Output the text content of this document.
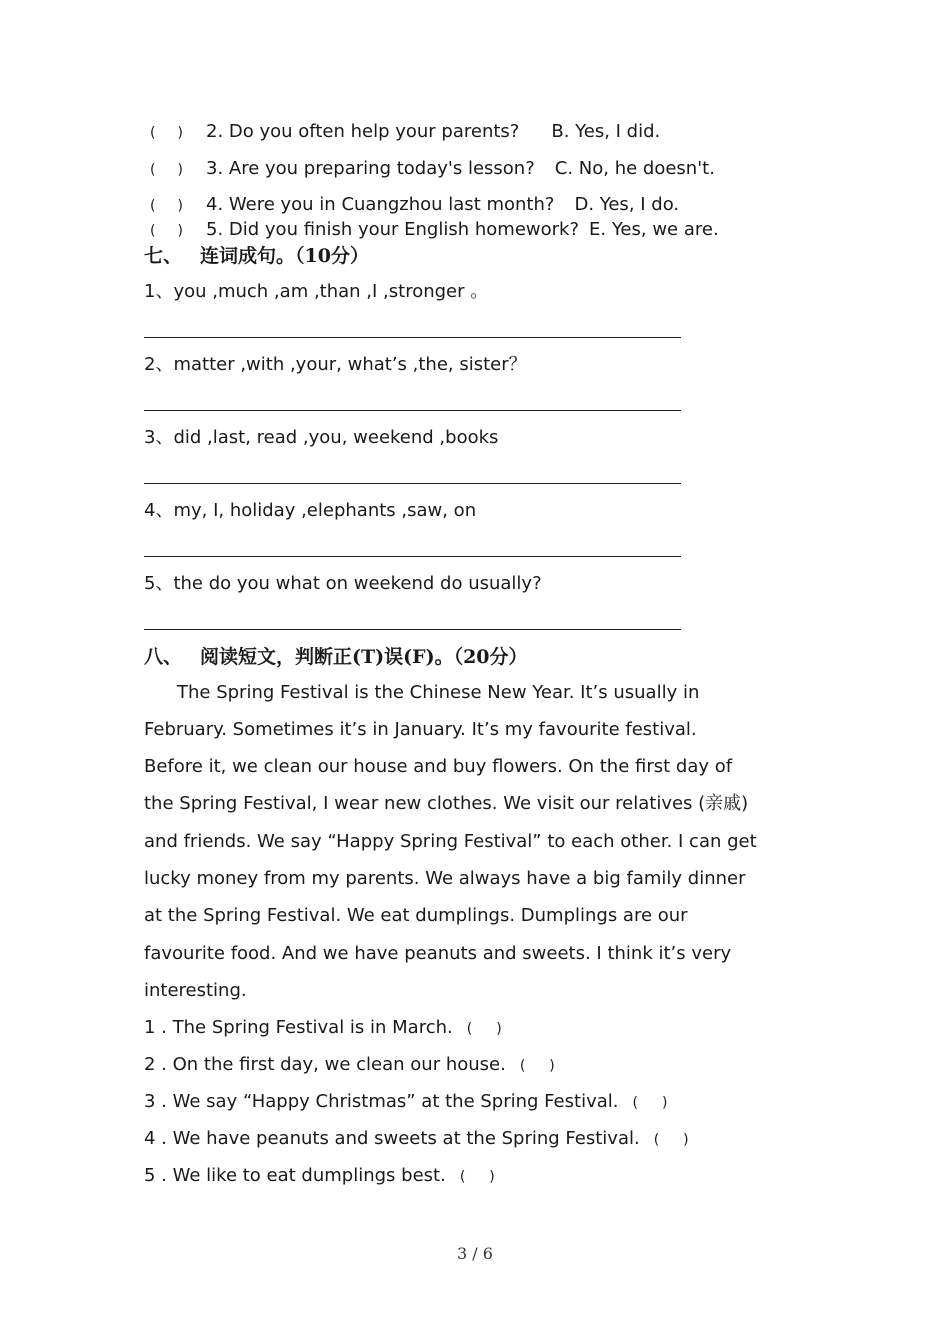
( ) 2. Do you often help your parents? B. Yes, I did.
( ) 3. Are you preparing today's lesson? C. No, he doesn't.
( ) 4. Were you in Cuangzhou last month? D. Yes, I do.
( ) 5. Did you finish your English homework? E. Yes, we are.
七、 连词成句。（10分）
1、you ,much ,am ,than ,I ,stronger 。
2、matter ,with ,your, what’s ,the, sister？
3、did ,last, read ,you, weekend ,books
4、my, I, holiday ,elephants ,saw, on
5、the do you what on weekend do usually?
八、 阅读短文，判断正(T)误(F)。（20分）
The Spring Festival is the Chinese New Year. It’s usually in
February. Sometimes it’s in January. It’s my favourite festival.
Before it, we clean our house and buy flowers. On the first day of
the Spring Festival, I wear new clothes. We visit our relatives (亲戚)
and friends. We say “Happy Spring Festival” to each other. I can get
lucky money from my parents. We always have a big family dinner
at the Spring Festival. We eat dumplings. Dumplings are our
favourite food. And we have peanuts and sweets. I think it’s very
interesting.
1 . The Spring Festival is in March. ( )
2 . On the first day, we clean our house. ( )
3 . We say “Happy Christmas” at the Spring Festival. ( )
4 . We have peanuts and sweets at the Spring Festival. ( )
5 . We like to eat dumplings best. ( )
3 / 6
